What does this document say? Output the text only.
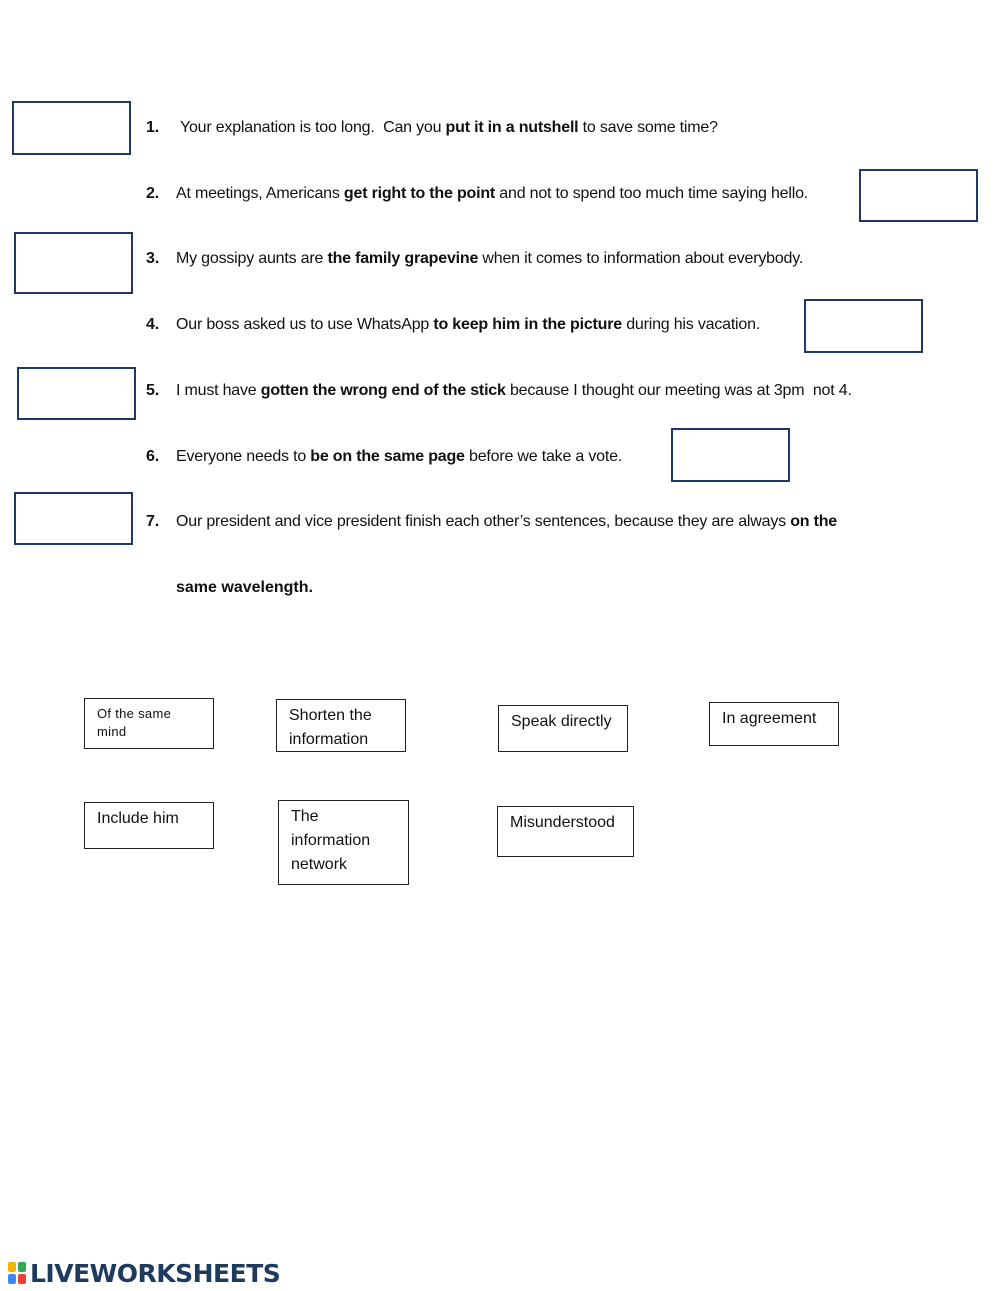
1. Your explanation is too long.  Can you put it in a nutshell to save some time?
2. At meetings, Americans get right to the point and not to spend too much time saying hello.
3. My gossipy aunts are the family grapevine when it comes to information about everybody.
4. Our boss asked us to use WhatsApp to keep him in the picture during his vacation.
5. I must have gotten the wrong end of the stick because I thought our meeting was at 3pm  not 4.
6. Everyone needs to be on the same page before we take a vote.
7. Our president and vice president finish each other’s sentences, because they are always on the
same wavelength.
Of the same mind
Shorten the information
Speak directly	In agreement
Include him	The information network
Misunderstood
LIVEWORKSHEETS
